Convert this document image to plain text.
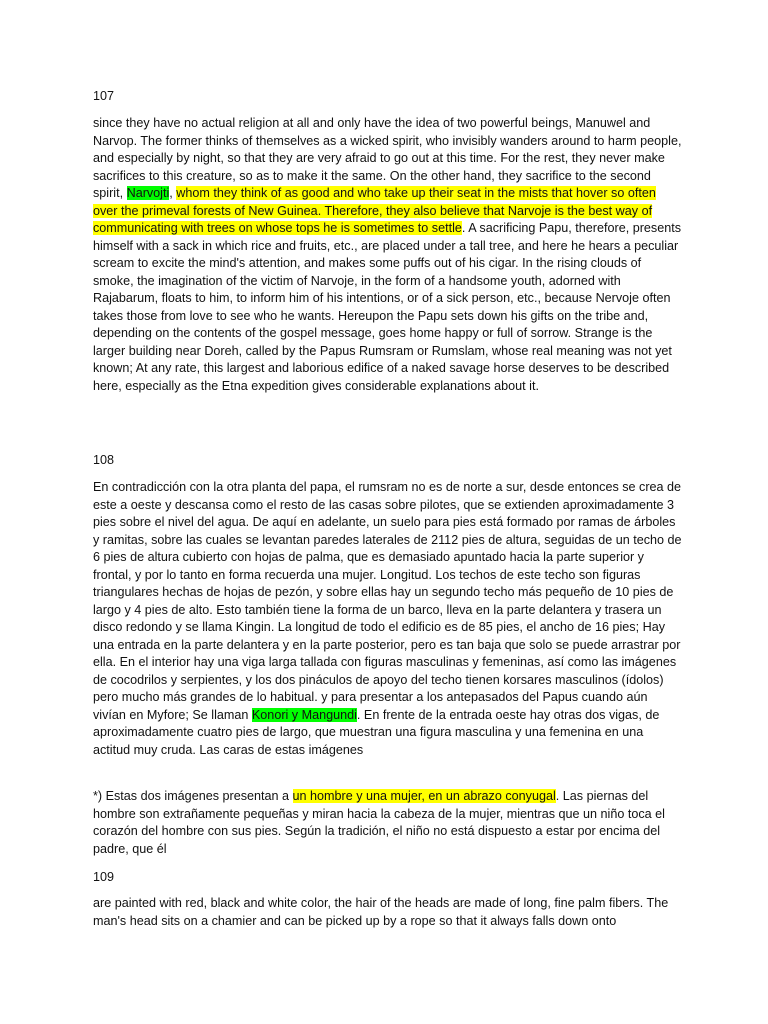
107

since they have no actual religion at all and only have the idea of two powerful beings, Manuwel and Narvop. The former thinks of themselves as a wicked spirit, who invisibly wanders around to harm people, and especially by night, so that they are very afraid to go out at this time. For the rest, they never make sacrifices to this creature, so as to make it the same. On the other hand, they sacrifice to the second spirit, Narvojti, whom they think of as good and who take up their seat in the mists that hover so often over the primeval forests of New Guinea. Therefore, they also believe that Narvoje is the best way of communicating with trees on whose tops he is sometimes to settle. A sacrificing Papu, therefore, presents himself with a sack in which rice and fruits, etc., are placed under a tall tree, and here he hears a peculiar scream to excite the mind's attention, and makes some puffs out of his cigar. In the rising clouds of smoke, the imagination of the victim of Narvoje, in the form of a handsome youth, adorned with Rajabarum, floats to him, to inform him of his intentions, or of a sick person, etc., because Nervoje often takes those from love to see who he wants. Hereupon the Papu sets down his gifts on the tribe and, depending on the contents of the gospel message, goes home happy or full of sorrow. Strange is the larger building near Doreh, called by the Papus Rumsram or Rumslam, whose real meaning was not yet known; At any rate, this largest and laborious edifice of a naked savage horse deserves to be described here, especially as the Etna expedition gives considerable explanations about it.

108

En contradicción con la otra planta del papa, el rumsram no es de norte a sur, desde entonces se crea de este a oeste y descansa como el resto de las casas sobre pilotes, que se extienden aproximadamente 3 pies sobre el nivel del agua. De aquí en adelante, un suelo para pies está formado por ramas de árboles y ramitas, sobre las cuales se levantan paredes laterales de 2112 pies de altura, seguidas de un techo de 6 pies de altura cubierto con hojas de palma, que es demasiado apuntado hacia la parte superior y frontal, y por lo tanto en forma recuerda una mujer. Longitud. Los techos de este techo son figuras triangulares hechas de hojas de pezón, y sobre ellas hay un segundo techo más pequeño de 10 pies de largo y 4 pies de alto. Esto también tiene la forma de un barco, lleva en la parte delantera y trasera un disco redondo y se llama Kingin. La longitud de todo el edificio es de 85 pies, el ancho de 16 pies; Hay una entrada en la parte delantera y en la parte posterior, pero es tan baja que solo se puede arrastrar por ella. En el interior hay una viga larga tallada con figuras masculinas y femeninas, así como las imágenes de cocodrilos y serpientes, y los dos pináculos de apoyo del techo tienen korsares masculinos (ídolos) pero mucho más grandes de lo habitual. y para presentar a los antepasados del Papus cuando aún vivían en Myfore; Se llaman Konori y Mangundi. En frente de la entrada oeste hay otras dos vigas, de aproximadamente cuatro pies de largo, que muestran una figura masculina y una femenina en una actitud muy cruda. Las caras de estas imágenes

*) Estas dos imágenes presentan a un hombre y una mujer, en un abrazo conyugal. Las piernas del hombre son extrañamente pequeñas y miran hacia la cabeza de la mujer, mientras que un niño toca el corazón del hombre con sus pies. Según la tradición, el niño no está dispuesto a estar por encima del padre, que él

109

are painted with red, black and white color, the hair of the heads are made of long, fine palm fibers. The man's head sits on a chamier and can be picked up by a rope so that it always falls down onto
